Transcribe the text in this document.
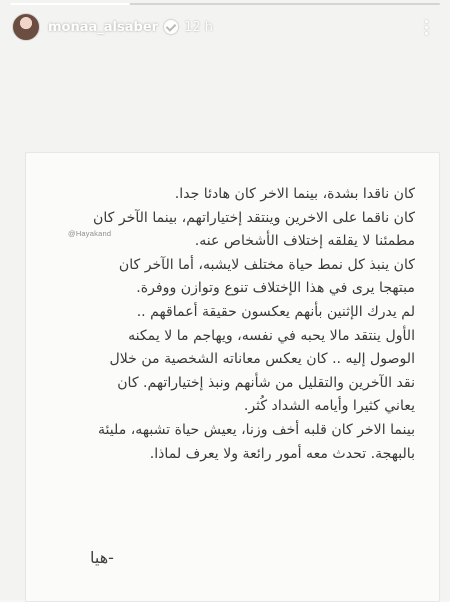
monaa_alsaber 12 h
@Hayakand
كان ناقدا بشدة، بينما الاخر كان هادئا جدا.
كان ناقما على الاخرين وينتقد إختياراتهم، بينما الآخر كان
مطمئنا لا يقلقه إختلاف الأشخاص عنه.
كان ينبذ كل نمط حياة مختلف لايشبه، أما الآخر كان
مبتهجا يرى في هذا الإختلاف تنوع وتوازن ووفرة.
لم يدرك الإثنين بأنهم يعكسون حقيقة أعماقهم ..
الأول ينتقد مالا يحبه في نفسه، ويهاجم ما لا يمكنه
الوصول إليه .. كان يعكس معاناته الشخصية من خلال
نقد الآخرين والتقليل من شأنهم ونبذ إختياراتهم. كان
يعاني كثيرا وأيامه الشداد كُثر.
بينما الاخر كان قلبه أخف وزنا، يعيش حياة تشبهه، مليئة
بالبهجة. تحدث معه أمور رائعة ولا يعرف لماذا.
-هيا
